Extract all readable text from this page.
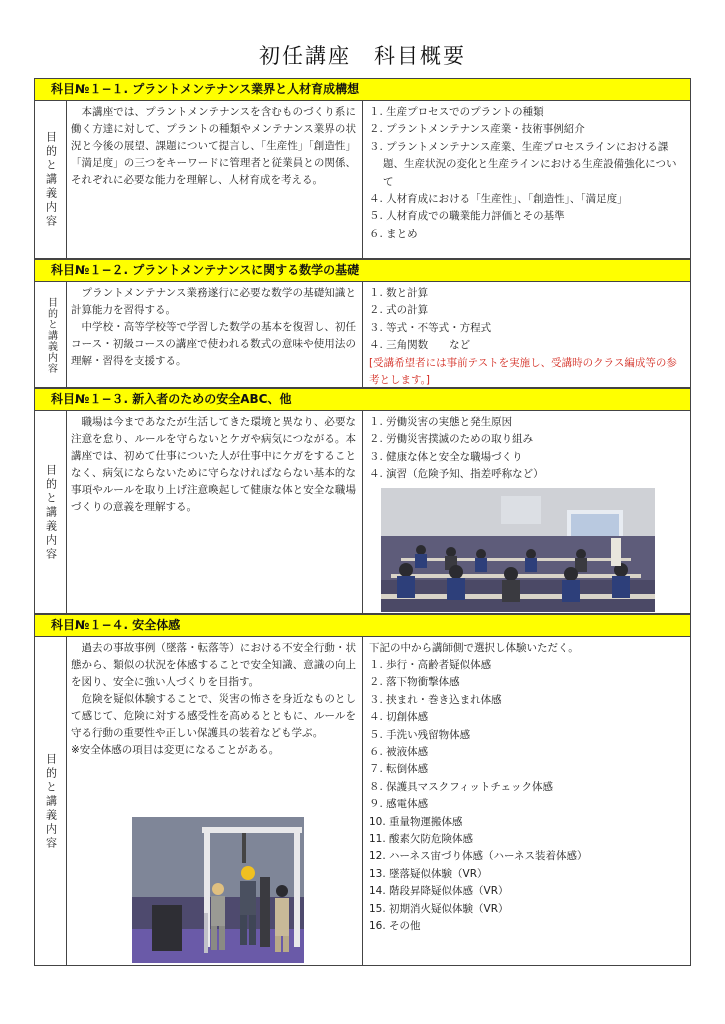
初任講座　科目概要
科目№１−１. プラントメンテナンス業界と人材育成構想
目的と講義内容

本講座では、プラントメンテナンスを含むものづくり系に働く方達に対して、プラントの種類やメンテナンス業界の状況と今後の展望、課題について提言し、「生産性」「創造性」「満足度」の三つをキーワードに管理者と従業員との関係、それぞれに必要な能力を理解し、人材育成を考える。

１. 生産プロセスでのプラントの種類
２. プラントメンテナンス産業・技術事例紹介
３. プラントメンテナンス産業、生産プロセスラインにおける課題、生産状況の変化と生産ラインにおける生産設備強化について
４. 人材育成における「生産性」、「創造性」、「満足度」
５. 人材育成での職業能力評価とその基準
６. まとめ
科目№１−２. プラントメンテナンスに関する数学の基礎
目的と講義内容

プラントメンテナンス業務遂行に必要な数学の基礎知識と計算能力を習得する。

中学校・高等学校等で学習した数学の基本を復習し、初任コース・初級コースの講座で使われる数式の意味や使用法の理解・習得を支援する。

１. 数と計算
２. 式の計算
３. 等式・不等式・方程式
４. 三角関数　　など

[受講希望者には事前テストを実施し、受講時のクラス編成等の参考とします。]

科目№１−３. 新入者のための安全ABC、他
目的と講義内容

職場は今まであなたが生活してきた環境と異なり、必要な注意を怠り、ルールを守らないとケガや病気につながる。本講座では、初めて仕事についた人が仕事中にケガをすることなく、病気にならないために守らなければならない基本的な事項やルールを取り上げ注意喚起して健康な体と安全な職場づくりの意義を理解する。

１. 労働災害の実態と発生原因
２. 労働災害撲滅のための取り組み
３. 健康な体と安全な職場づくり
４. 演習（危険予知、指差呼称など）
科目№１−４. 安全体感
目的と講義内容

過去の事故事例（墜落・転落等）における不安全行動・状態から、類似の状況を体感することで安全知識、意識の向上を図り、安全に強い人づくりを目指す。

危険を疑似体験することで、災害の怖さを身近なものとして感じて、危険に対する感受性を高めるとともに、ルールを守る行動の重要性や正しい保護具の装着なども学ぶ。

※安全体感の項目は変更になることがある。

下記の中から講師側で選択し体験いただく。

１. 歩行・高齢者疑似体感
２. 落下物衝撃体感
３. 挟まれ・巻き込まれ体感
４. 切創体感
５. 手洗い残留物体感
６. 被液体感
７. 転倒体感
８. 保護具マスクフィットチェック体感
９. 感電体感
10. 重量物運搬体感
11. 酸素欠防危険体感
12. ハーネス宙づり体感（ハーネス装着体感）
13. 墜落疑似体験（VR）
14. 階段昇降疑似体感（VR）
15. 初期消火疑似体験（VR）
16. その他
